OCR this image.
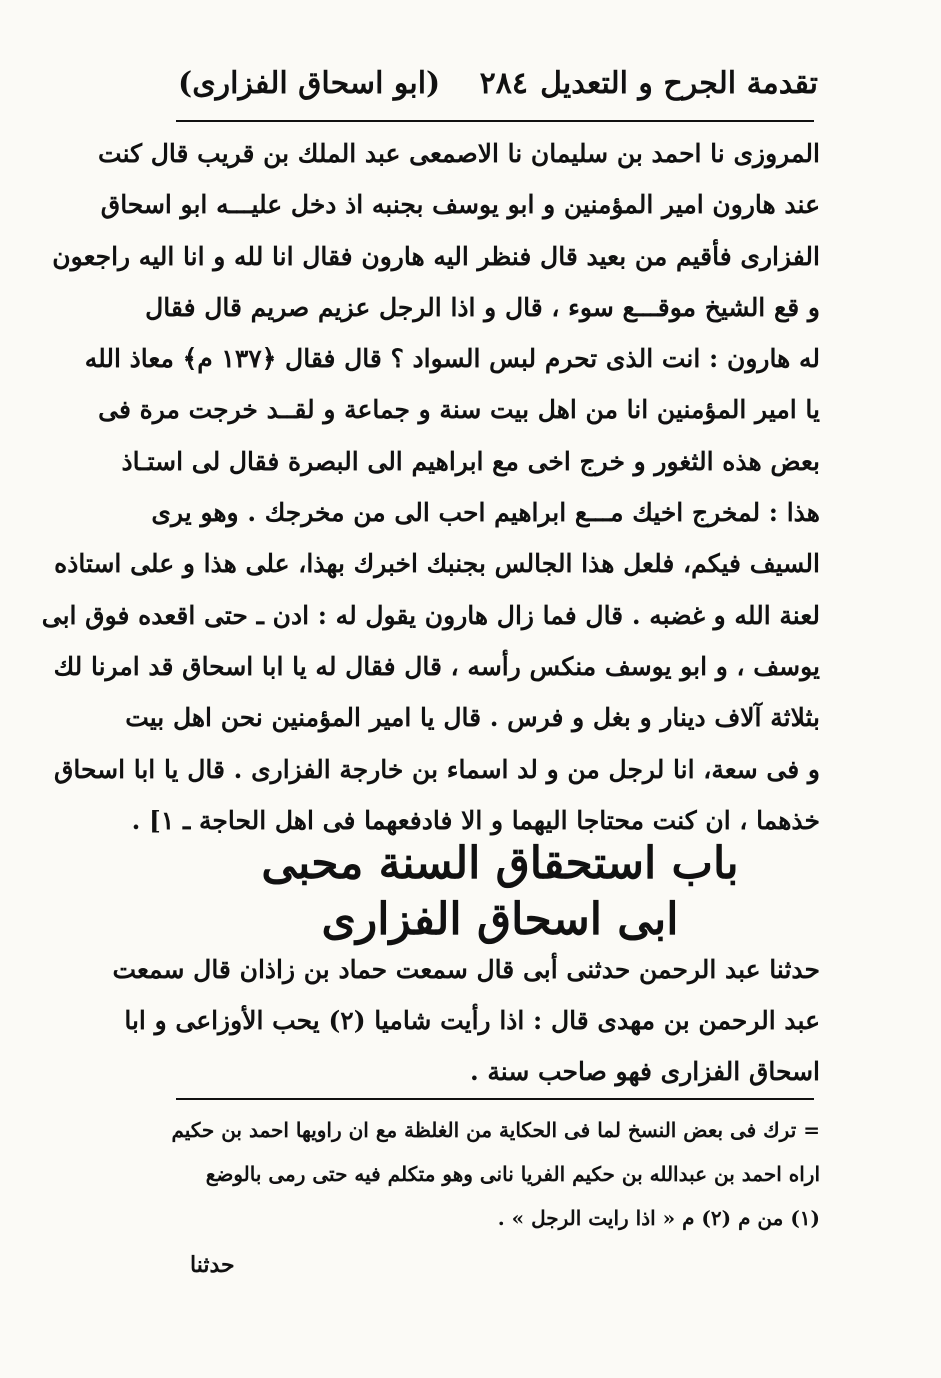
تقدمة الجرح و التعديل
٢٨٤
(ابو اسحاق الفزارى)
المروزى نا احمد بن سليمان نا الاصمعى عبد الملك بن قريب قال كنت
عند هارون امير المؤمنين و ابو يوسف بجنبه اذ دخل عليـــه ابو اسحاق
الفزارى فأقيم من بعيد قال فنظر اليه هارون فقال انا لله و انا اليه راجعون
و قع الشيخ موقـــع سوء ، قال و اذا الرجل عزيم صريم قال فقال
له هارون : انت الذى تحرم لبس السواد ؟ قال فقال ﴿١٣٧ م﴾ معاذ الله
يا امير المؤمنين انا من اهل بيت سنة و جماعة و لقــد خرجت مرة فى
بعض هذه الثغور و خرج اخى مع ابراهيم الى البصرة فقال لى استـاذ
هذا : لمخرج اخيك مـــع ابراهيم احب الى من مخرجك . وهو يرى
السيف فيكم، فلعل هذا الجالس بجنبك اخبرك بهذا، على هذا و على استاذه
لعنة الله و غضبه . قال فما زال هارون يقول له : ادن ـ حتى اقعده فوق ابى
يوسف ، و ابو يوسف منكس رأسه ، قال فقال له يا ابا اسحاق قد امرنا لك
بثلاثة آلاف دينار و بغل و فرس . قال يا امير المؤمنين نحن اهل بيت
و فى سعة، انا لرجل من و لد اسماء بن خارجة الفزارى . قال يا ابا اسحاق
خذهما ، ان كنت محتاجا اليهما و الا فادفعهما فى اهل الحاجة ـ ١] .
باب استحقاق السنة محبى
ابى اسحاق الفزارى
حدثنا عبد الرحمن حدثنى أبى قال سمعت حماد بن زاذان قال سمعت
عبد الرحمن بن مهدى قال : اذا رأيت شاميا (٢) يحب الأوزاعى و ابا
اسحاق الفزارى فهو صاحب سنة .
= ترك فى بعض النسخ لما فى الحكاية من الغلظة مع ان راويها احمد بن حكيم
اراه احمد بن عبدالله بن حكيم الفريا نانى وهو متكلم فيه حتى رمى بالوضع
(١) من م (٢) م « اذا رايت الرجل » .
حدثنا
